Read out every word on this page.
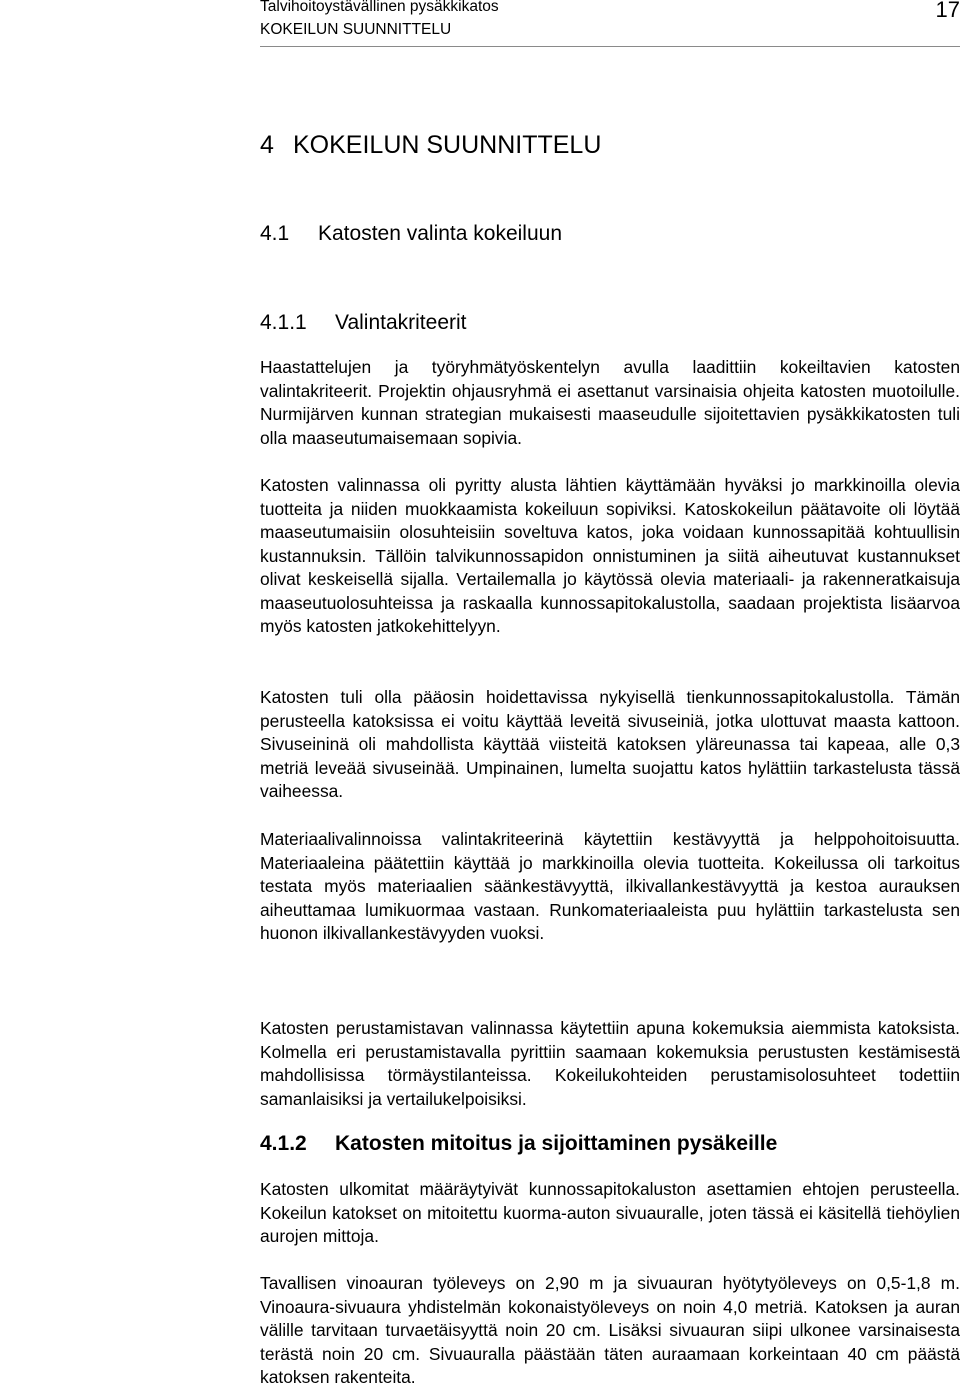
Talvihoitoystävällinen pysäkkikatos
KOKEILUN SUUNNITTELU
17
4 KOKEILUN SUUNNITTELU
4.1 Katosten valinta kokeiluun
4.1.1 Valintakriteerit

Haastattelujen ja työryhmätyöskentelyn avulla laadittiin kokeiltavien katosten valintakriteerit. Projektin ohjausryhmä ei asettanut varsinaisia ohjeita katosten muotoilulle. Nurmijärven kunnan strategian mukaisesti maaseudulle sijoitettavien pysäkkikatosten tuli olla maaseutumaisemaan sopivia.

Katosten valinnassa oli pyritty alusta lähtien käyttämään hyväksi jo markkinoilla olevia tuotteita ja niiden muokkaamista kokeiluun sopiviksi. Katoskokeilun päätavoite oli löytää maaseutumaisiin olosuhteisiin soveltuva katos, joka voidaan kunnossapitää kohtuullisin kustannuksin. Tällöin talvikunnossapidon onnistuminen ja siitä aiheutuvat kustannukset olivat keskeisellä sijalla. Vertailemalla jo käytössä olevia materiaali- ja rakenneratkaisuja maaseutuolosuhteissa ja raskaalla kunnossapitokalustolla, saadaan projektista lisäarvoa myös katosten jatkokehittelyyn.

Katosten tuli olla pääosin hoidettavissa nykyisellä tienkunnossapitokalustolla. Tämän perusteella katoksissa ei voitu käyttää leveitä sivuseiniä, jotka ulottuvat maasta kattoon. Sivuseininä oli mahdollista käyttää viisteitä katoksen yläreunassa tai kapeaa, alle 0,3 metriä leveää sivuseinää. Umpinainen, lumelta suojattu katos hylättiin tarkastelusta tässä vaiheessa.

Materiaalivalinnoissa valintakriteerinä käytettiin kestävyyttä ja helppohoitoisuutta. Materiaaleina päätettiin käyttää jo markkinoilla olevia tuotteita. Kokeilussa oli tarkoitus testata myös materiaalien säänkestävyyttä, ilkivallankestävyyttä ja kestoa aurauksen aiheuttamaa lumikuormaa vastaan. Runkomateriaaleista puu hylättiin tarkastelusta sen huonon ilkivallankestävyyden vuoksi.

Katosten perustamistavan valinnassa käytettiin apuna kokemuksia aiemmista katoksista. Kolmella eri perustamistavalla pyrittiin saamaan kokemuksia perustusten kestämisestä mahdollisissa törmäystilanteissa. Kokeilukohteiden perustamisolosuhteet todettiin samanlaisiksi ja vertailukelpoisiksi.

4.1.2 Katosten mitoitus ja sijoittaminen pysäkeille

Katosten ulkomitat määräytyivät kunnossapitokaluston asettamien ehtojen perusteella. Kokeilun katokset on mitoitettu kuorma-auton sivuauralle, joten tässä ei käsitellä tiehöylien aurojen mittoja.

Tavallisen vinoauran työleveys on 2,90 m ja sivuauran hyötytyöleveys on 0,5-1,8 m. Vinoaura-sivuaura yhdistelmän kokonaistyöleveys on noin 4,0 metriä. Katoksen ja auran välille tarvitaan turvaetäisyyttä noin 20 cm. Lisäksi sivuauran siipi ulkonee varsinaisesta terästä noin 20 cm. Sivuauralla päästään täten auraamaan korkeintaan 40 cm päästä katoksen rakenteita.
